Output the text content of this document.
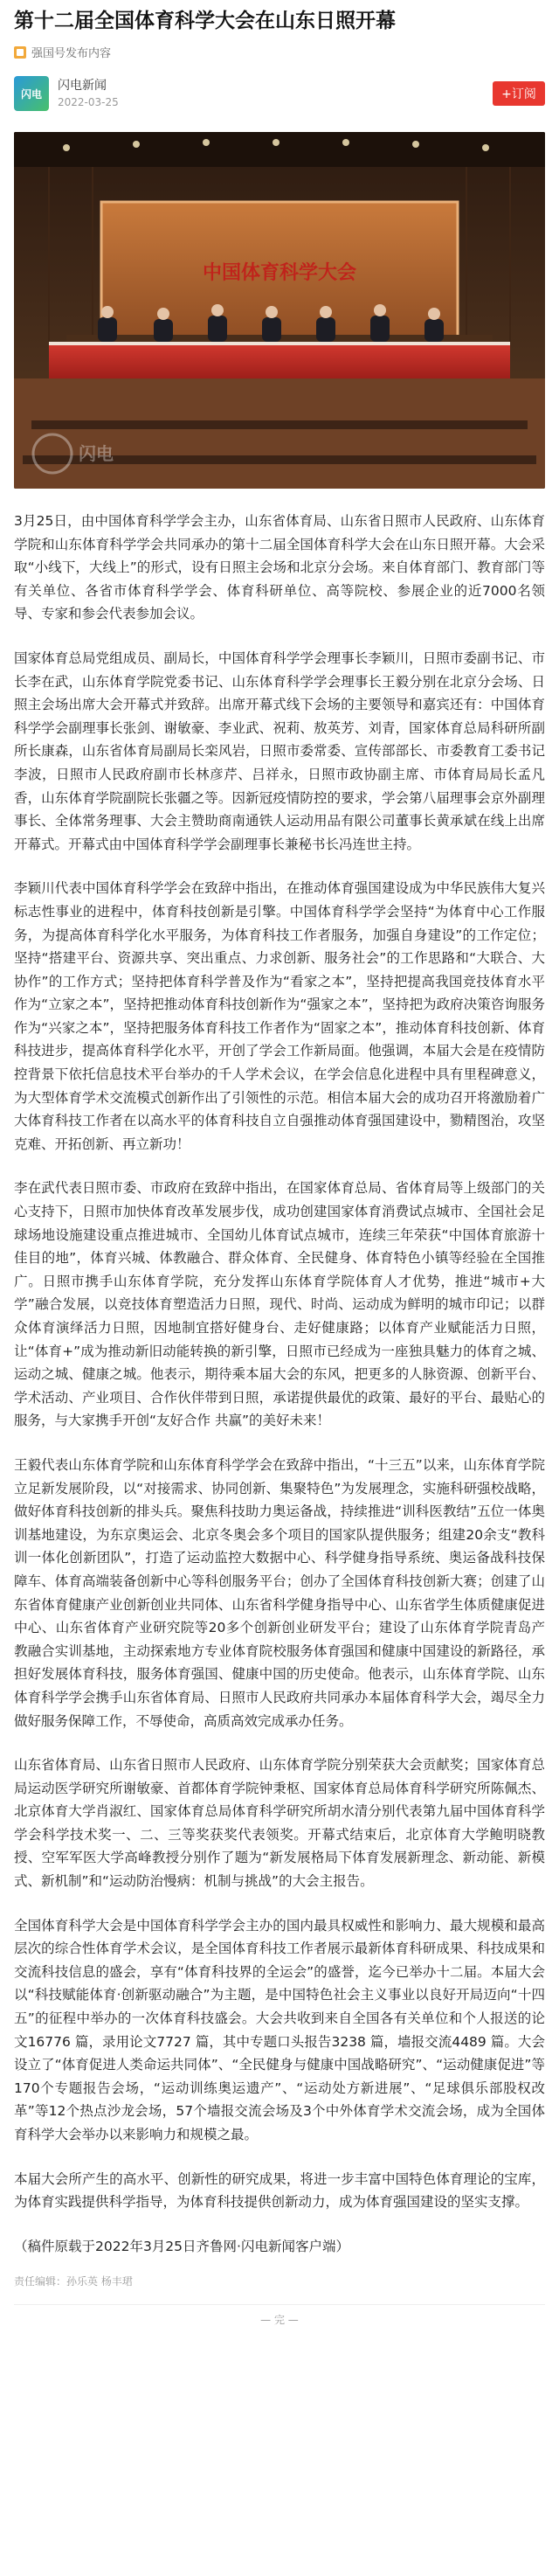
第十二届全国体育科学大会在山东日照开幕
强国号发布内容
闪电
闪电新闻
2022-03-25
+订阅
中国体育科学大会
闪电

3月25日，由中国体育科学学会主办，山东省体育局、山东省日照市人民政府、山东体育学院和山东体育科学学会共同承办的第十二届全国体育科学大会在山东日照开幕。大会采取“小线下，大线上”的形式，设有日照主会场和北京分会场。来自体育部门、教育部门等有关单位、各省市体育科学学会、体育科研单位、高等院校、参展企业的近7000名领导、专家和参会代表参加会议。

国家体育总局党组成员、副局长，中国体育科学学会理事长李颖川，日照市委副书记、市长李在武，山东体育学院党委书记、山东体育科学学会理事长王毅分别在北京分会场、日照主会场出席大会开幕式并致辞。出席开幕式线下会场的主要领导和嘉宾还有：中国体育科学学会副理事长张剑、谢敏豪、李业武、祝莉、敖英芳、刘青，国家体育总局科研所副所长康森，山东省体育局副局长栾风岩，日照市委常委、宣传部部长、市委教育工委书记李波，日照市人民政府副市长林彦芹、吕祥永，日照市政协副主席、市体育局局长孟凡香，山东体育学院副院长张疆之等。因新冠疫情防控的要求，学会第八届理事会京外副理事长、全体常务理事、大会主赞助商南通铁人运动用品有限公司董事长黄承斌在线上出席开幕式。开幕式由中国体育科学学会副理事长兼秘书长冯连世主持。

李颖川代表中国体育科学学会在致辞中指出，在推动体育强国建设成为中华民族伟大复兴标志性事业的进程中，体育科技创新是引擎。中国体育科学学会坚持“为体育中心工作服务，为提高体育科学化水平服务，为体育科技工作者服务，加强自身建设”的工作定位；坚持“搭建平台、资源共享、突出重点、力求创新、服务社会”的工作思路和“大联合、大协作”的工作方式；坚持把体育科学普及作为“看家之本”，坚持把提高我国竞技体育水平作为“立家之本”，坚持把推动体育科技创新作为“强家之本”，坚持把为政府决策咨询服务作为“兴家之本”，坚持把服务体育科技工作者作为“固家之本”，推动体育科技创新、体育科技进步，提高体育科学化水平，开创了学会工作新局面。他强调，本届大会是在疫情防控背景下依托信息技术平台举办的千人学术会议，在学会信息化进程中具有里程碑意义，为大型体育学术交流模式创新作出了引领性的示范。相信本届大会的成功召开将激励着广大体育科技工作者在以高水平的体育科技自立自强推动体育强国建设中，勠精图治，攻坚克难、开拓创新、再立新功！

李在武代表日照市委、市政府在致辞中指出，在国家体育总局、省体育局等上级部门的关心支持下，日照市加快体育改革发展步伐，成功创建国家体育消费试点城市、全国社会足球场地设施建设重点推进城市、全国幼儿体育试点城市，连续三年荣获“中国体育旅游十佳目的地”，体育兴城、体教融合、群众体育、全民健身、体育特色小镇等经验在全国推广。日照市携手山东体育学院，充分发挥山东体育学院体育人才优势，推进“城市+大学”融合发展，以竞技体育塑造活力日照，现代、时尚、运动成为鲜明的城市印记；以群众体育演绎活力日照，因地制宜搭好健身台、走好健康路；以体育产业赋能活力日照，让“体育+”成为推动新旧动能转换的新引擎，日照市已经成为一座独具魅力的体育之城、运动之城、健康之城。他表示，期待乘本届大会的东风，把更多的人脉资源、创新平台、学术活动、产业项目、合作伙伴带到日照，承诺提供最优的政策、最好的平台、最贴心的服务，与大家携手开创“友好合作 共赢”的美好未来！

王毅代表山东体育学院和山东体育科学学会在致辞中指出，“十三五”以来，山东体育学院立足新发展阶段，以“对接需求、协同创新、集聚特色”为发展理念，实施科研强校战略，做好体育科技创新的排头兵。聚焦科技助力奥运备战，持续推进“训科医教结”五位一体奥训基地建设，为东京奥运会、北京冬奥会多个项目的国家队提供服务；组建20余支“教科训一体化创新团队”，打造了运动监控大数据中心、科学健身指导系统、奥运备战科技保障车、体育高端装备创新中心等科创服务平台；创办了全国体育科技创新大赛；创建了山东省体育健康产业创新创业共同体、山东省科学健身指导中心、山东省学生体质健康促进中心、山东省体育产业研究院等20多个创新创业研发平台；建设了山东体育学院青岛产教融合实训基地，主动探索地方专业体育院校服务体育强国和健康中国建设的新路径，承担好发展体育科技，服务体育强国、健康中国的历史使命。他表示，山东体育学院、山东体育科学学会携手山东省体育局、日照市人民政府共同承办本届体育科学大会，竭尽全力做好服务保障工作，不辱使命，高质高效完成承办任务。

山东省体育局、山东省日照市人民政府、山东体育学院分别荣获大会贡献奖；国家体育总局运动医学研究所谢敏豪、首都体育学院钟秉枢、国家体育总局体育科学研究所陈佩杰、北京体育大学肖淑红、国家体育总局体育科学研究所胡水清分别代表第九届中国体育科学学会科学技术奖一、二、三等奖获奖代表领奖。开幕式结束后，北京体育大学鲍明晓教授、空军军医大学高峰教授分别作了题为“新发展格局下体育发展新理念、新动能、新模式、新机制”和“运动防治慢病：机制与挑战”的大会主报告。

全国体育科学大会是中国体育科学学会主办的国内最具权威性和影响力、最大规模和最高层次的综合性体育学术会议，是全国体育科技工作者展示最新体育科研成果、科技成果和交流科技信息的盛会，享有“体育科技界的全运会”的盛誉，迄今已举办十二届。本届大会以“科技赋能体育·创新驱动融合”为主题，是中国特色社会主义事业以良好开局迈向“十四五”的征程中举办的一次体育科技盛会。大会共收到来自全国各有关单位和个人报送的论文16776 篇，录用论文7727 篇，其中专题口头报告3238 篇，墙报交流4489 篇。大会设立了“体育促进人类命运共同体”、“全民健身与健康中国战略研究”、“运动健康促进”等170个专题报告会场，“运动训练奥运遗产”、“运动处方新进展”、“足球俱乐部股权改革”等12个热点沙龙会场，57个墙报交流会场及3个中外体育学术交流会场，成为全国体育科学大会举办以来影响力和规模之最。

本届大会所产生的高水平、创新性的研究成果，将进一步丰富中国特色体育理论的宝库，为体育实践提供科学指导，为体育科技提供创新动力，成为体育强国建设的坚实支撑。

（稿件原载于2022年3月25日齐鲁网·闪电新闻客户端）

责任编辑：孙乐英 杨丰珺
— 完 —
